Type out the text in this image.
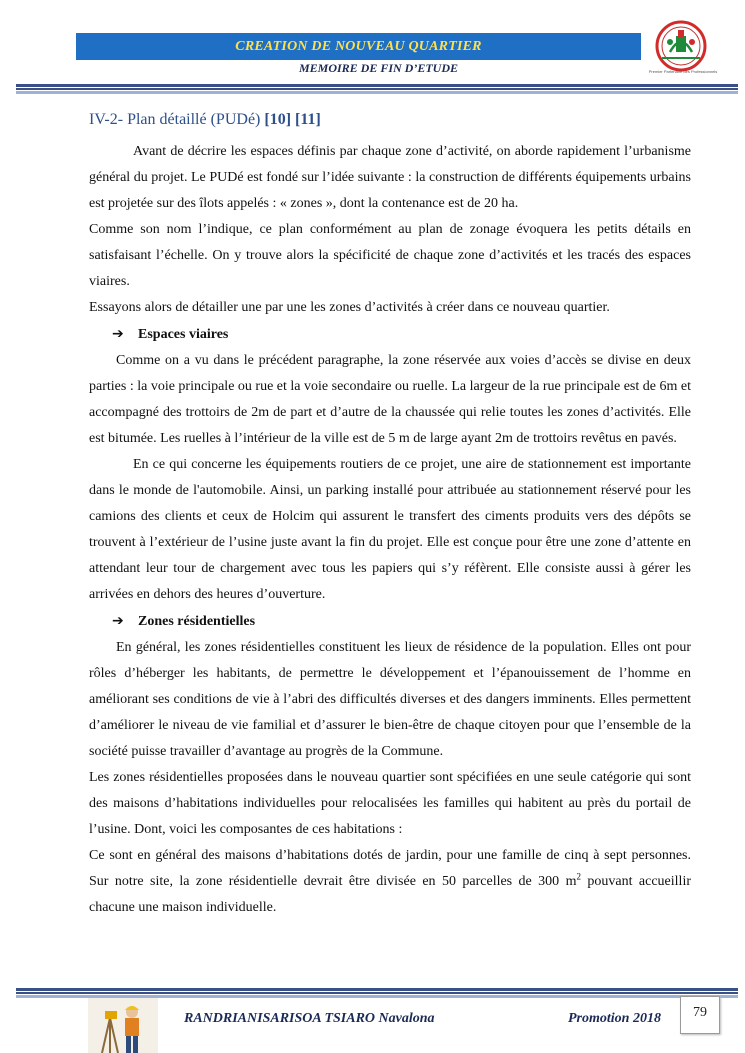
CREATION DE NOUVEAU QUARTIER
MEMOIRE DE FIN D’ETUDE	Premier Partenaire des Professionnels
IV-2- Plan détaillé (PUDé) [10] [11]

Avant de décrire les espaces définis par chaque zone d’activité, on aborde rapidement l’urbanisme général du projet. Le PUDé est fondé sur l’idée suivante : la construction de différents équipements urbains est projetée sur des îlots appelés : « zones », dont la contenance est de 20 ha.

Comme son nom l’indique, ce plan conformément au plan de zonage évoquera les petits détails en satisfaisant l’échelle. On y trouve alors la spécificité de chaque zone d’activités et les tracés des espaces viaires.

Essayons alors de détailler une par une les zones d’activités à créer dans ce nouveau quartier.

➔ Espaces viaires

Comme on a vu dans le précédent paragraphe, la zone réservée aux voies d’accès se divise en deux parties : la voie principale ou rue et la voie secondaire ou ruelle. La largeur de la rue principale est de 6m et accompagné des trottoirs de 2m de part et d’autre de la chaussée qui relie toutes les zones d’activités. Elle est bitumée. Les ruelles à l’intérieur de la ville est de 5 m de large ayant 2m de trottoirs revêtus en pavés.

En ce qui concerne les équipements routiers de ce projet, une aire de stationnement est importante dans le monde de l'automobile. Ainsi, un parking installé pour attribuée au stationnement réservé pour les camions des clients et ceux de Holcim qui assurent le transfert des ciments produits vers des dépôts se trouvent à l’extérieur de l’usine juste avant la fin du projet. Elle est conçue pour être une zone d’attente en attendant leur tour de chargement avec tous les papiers qui s’y réfèrent. Elle consiste aussi à gérer les arrivées en dehors des heures d’ouverture.

➔ Zones résidentielles

En général, les zones résidentielles constituent les lieux de résidence de la population. Elles ont pour rôles d’héberger les habitants, de permettre le développement et l’épanouissement de l’homme en améliorant ses conditions de vie à l’abri des difficultés diverses et des dangers imminents. Elles permettent d’améliorer le niveau de vie familial et d’assurer le bien-être de chaque citoyen pour que l’ensemble de la société puisse travailler d’avantage au progrès de la Commune.

Les zones résidentielles proposées dans le nouveau quartier sont spécifiées en une seule catégorie qui sont des maisons d’habitations individuelles pour relocalisées les familles qui habitent au près du portail de l’usine. Dont, voici les composantes de ces habitations :

Ce sont en général des maisons d’habitations dotés de jardin, pour une famille de cinq à sept personnes. Sur notre site, la zone résidentielle devrait être divisée en 50 parcelles de 300 $m^2$ pouvant accueillir chacune une maison individuelle.

RANDRIANISARISOA TSIARO Navalona	Promotion 2018	79
